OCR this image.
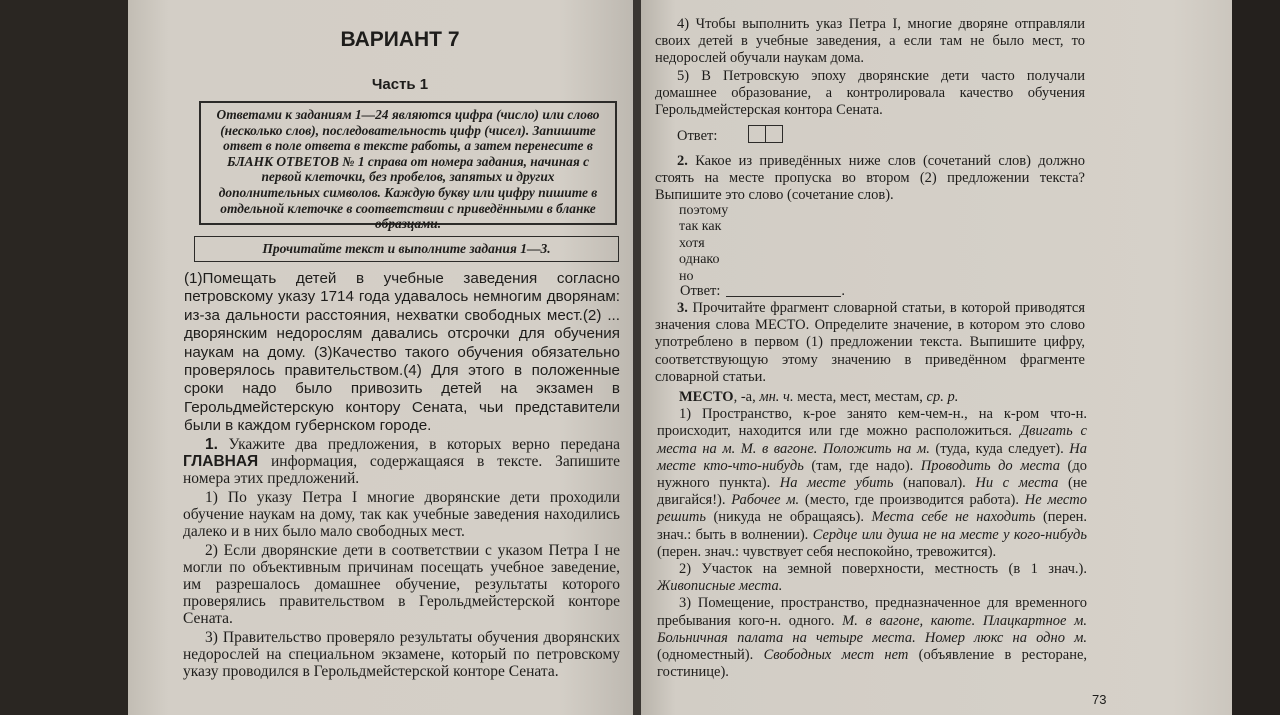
ВАРИАНТ 7
Часть 1
Ответами к заданиям 1—24 являются цифра (число) или слово (несколько слов), последовательность цифр (чисел). Запишите ответ в поле ответа в тексте работы, а затем перенесите в БЛАНК ОТВЕТОВ № 1 справа от номера задания, начиная с первой клеточки, без пробелов, запятых и других дополнительных символов. Каждую букву или цифру пишите в отдельной клеточке в соответствии с приведёнными в бланке образцами.
Прочитайте текст и выполните задания 1—3.
(1)Помещать детей в учебные заведения согласно петровскому указу 1714 года удавалось немногим дворянам: из-за дальности расстояния, нехватки свободных мест.(2) ... дворянским недорослям давались отсрочки для обучения наукам на дому. (3)Качество такого обучения обязательно проверялось правительством.(4) Для этого в положенные сроки надо было привозить детей на экзамен в Герольдмейстерскую контору Сената, чьи представители были в каждом губернском городе.

1. Укажите два предложения, в которых верно передана ГЛАВНАЯ информация, содержащаяся в тексте. Запишите номера этих предложений.

1) По указу Петра I многие дворянские дети проходили обучение наукам на дому, так как учебные заведения находились далеко и в них было мало свободных мест.

2) Если дворянские дети в соответствии с указом Петра I не могли по объективным причинам посещать учебное заведение, им разрешалось домашнее обучение, результаты которого проверялись правительством в Герольдмейстерской конторе Сената.

3) Правительство проверяло результаты обучения дворянских недорослей на специальном экзамене, который по петровскому указу проводился в Герольдмейстерской конторе Сената.

4) Чтобы выполнить указ Петра I, многие дворяне отправляли своих детей в учебные заведения, а если там не было мест, то недорослей обучали наукам дома.

5) В Петровскую эпоху дворянские дети часто получали домашнее образование, а контролировала качество обучения Герольдмейстерская контора Сената.

Ответ:

2. Какое из приведённых ниже слов (сочетаний слов) должно стоять на месте пропуска во втором (2) предложении текста? Выпишите это слово (сочетание слов).

поэтому
так как
хотя
однако
но
Ответ:	.

3. Прочитайте фрагмент словарной статьи, в которой приводятся значения слова МЕСТО. Определите значение, в котором это слово употреблено в первом (1) предложении текста. Выпишите цифру, соответствующую этому значению в приведённом фрагменте словарной статьи.

МЕСТО, -а, мн. ч. места, мест, местам, ср. р.

1) Пространство, к-рое занято кем-чем-н., на к-ром что-н. происходит, находится или где можно расположиться. Двигать с места на м. М. в вагоне. Положить на м. (туда, куда следует). На месте кто-что-нибудь (там, где надо). Проводить до места (до нужного пункта). На месте убить (наповал). Ни с места (не двигайся!). Рабочее м. (место, где производится работа). Не место решить (никуда не обращаясь). Места себе не находить (перен. знач.: быть в волнении). Сердце или душа не на месте у кого-нибудь (перен. знач.: чувствует себя неспокойно, тревожится).

2) Участок на земной поверхности, местность (в 1 знач.). Живописные места.

3) Помещение, пространство, предназначенное для временного пребывания кого-н. одного. М. в вагоне, каюте. Плацкартное м. Больничная палата на четыре места. Номер люкс на одно м. (одноместный). Свободных мест нет (объявление в ресторане, гостинице).

73
